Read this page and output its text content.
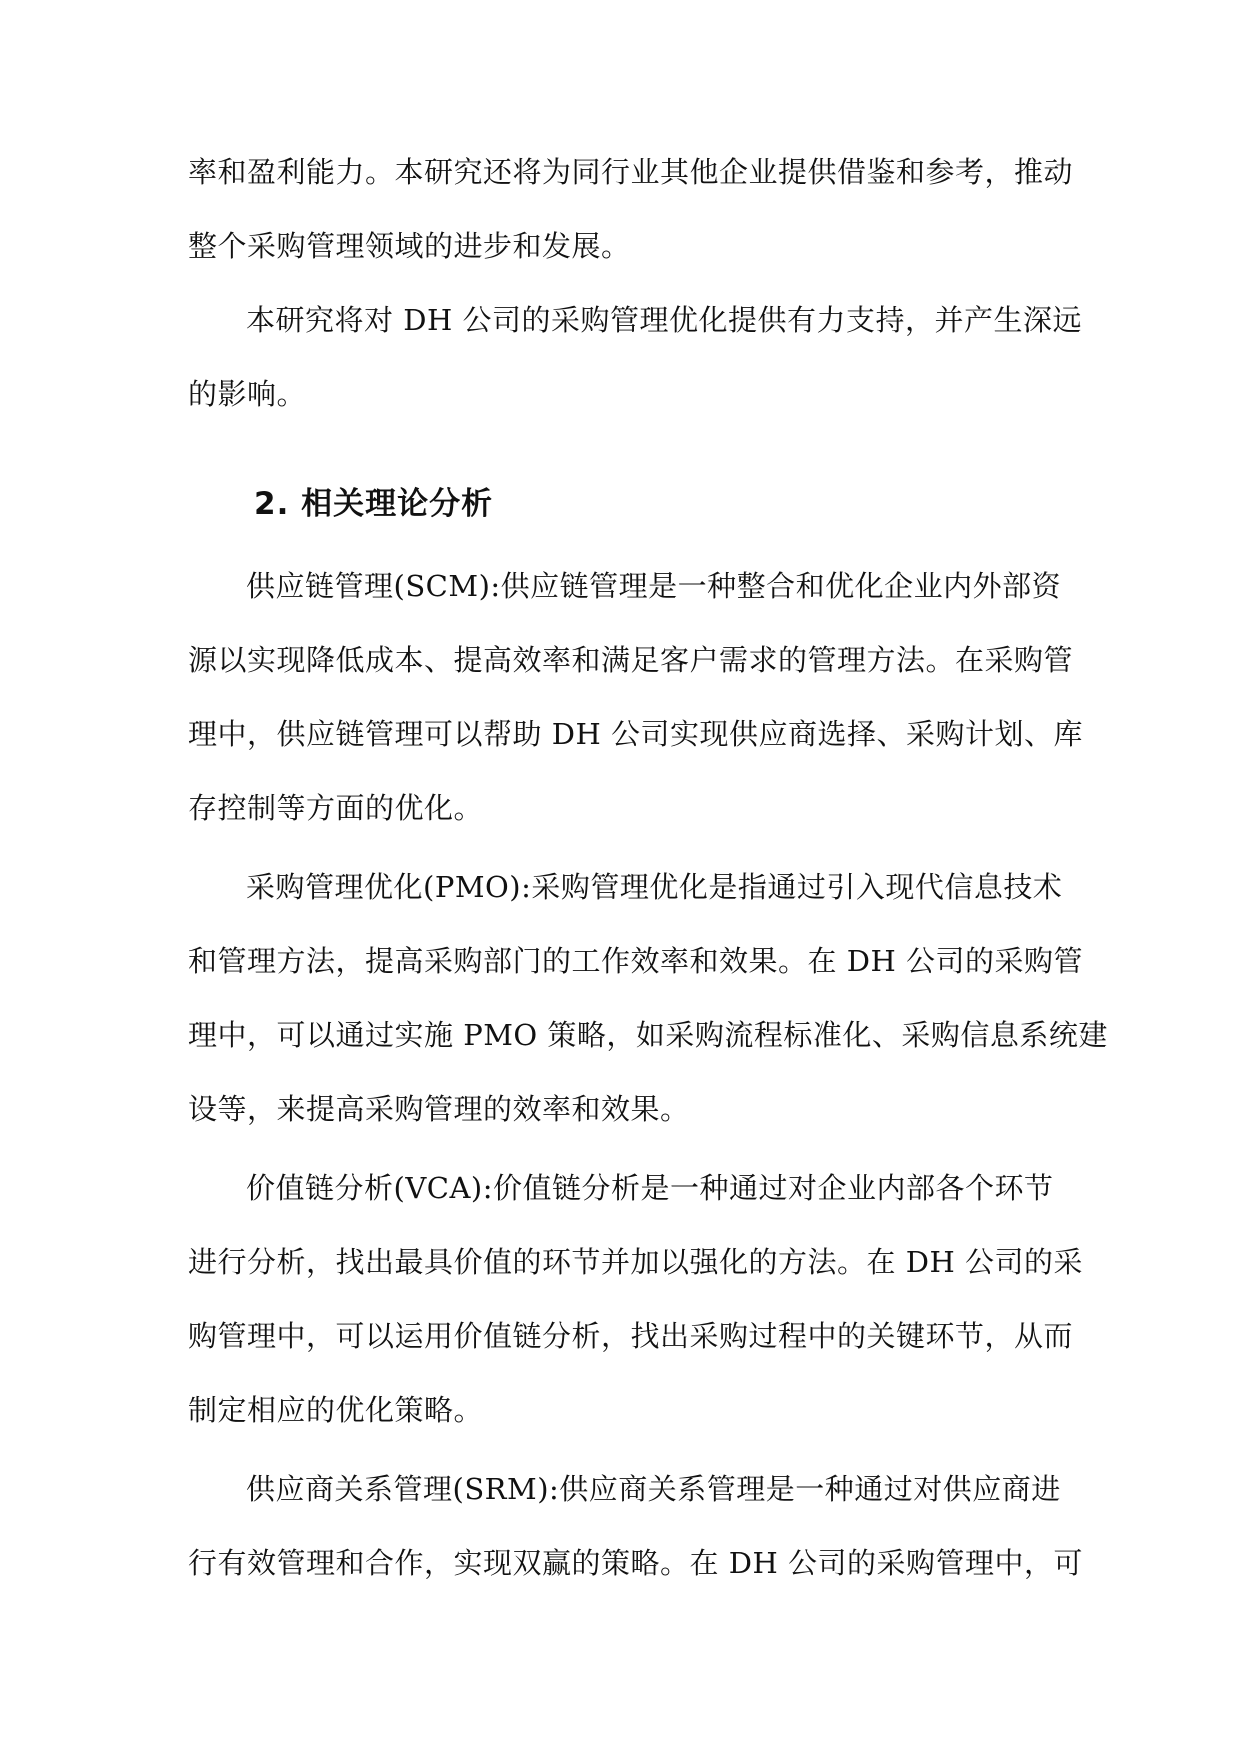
率和盈利能力。本研究还将为同行业其他企业提供借鉴和参考，推动
整个采购管理领域的进步和发展。
本研究将对 DH 公司的采购管理优化提供有力支持，并产生深远
的影响。
2. 相关理论分析
供应链管理(SCM):供应链管理是一种整合和优化企业内外部资
源以实现降低成本、提高效率和满足客户需求的管理方法。在采购管
理中，供应链管理可以帮助 DH 公司实现供应商选择、采购计划、库
存控制等方面的优化。
采购管理优化(PMO):采购管理优化是指通过引入现代信息技术
和管理方法，提高采购部门的工作效率和效果。在 DH 公司的采购管
理中，可以通过实施 PMO 策略，如采购流程标准化、采购信息系统建
设等，来提高采购管理的效率和效果。
价值链分析(VCA):价值链分析是一种通过对企业内部各个环节
进行分析，找出最具价值的环节并加以强化的方法。在 DH 公司的采
购管理中，可以运用价值链分析，找出采购过程中的关键环节，从而
制定相应的优化策略。
供应商关系管理(SRM):供应商关系管理是一种通过对供应商进
行有效管理和合作，实现双赢的策略。在 DH 公司的采购管理中，可
